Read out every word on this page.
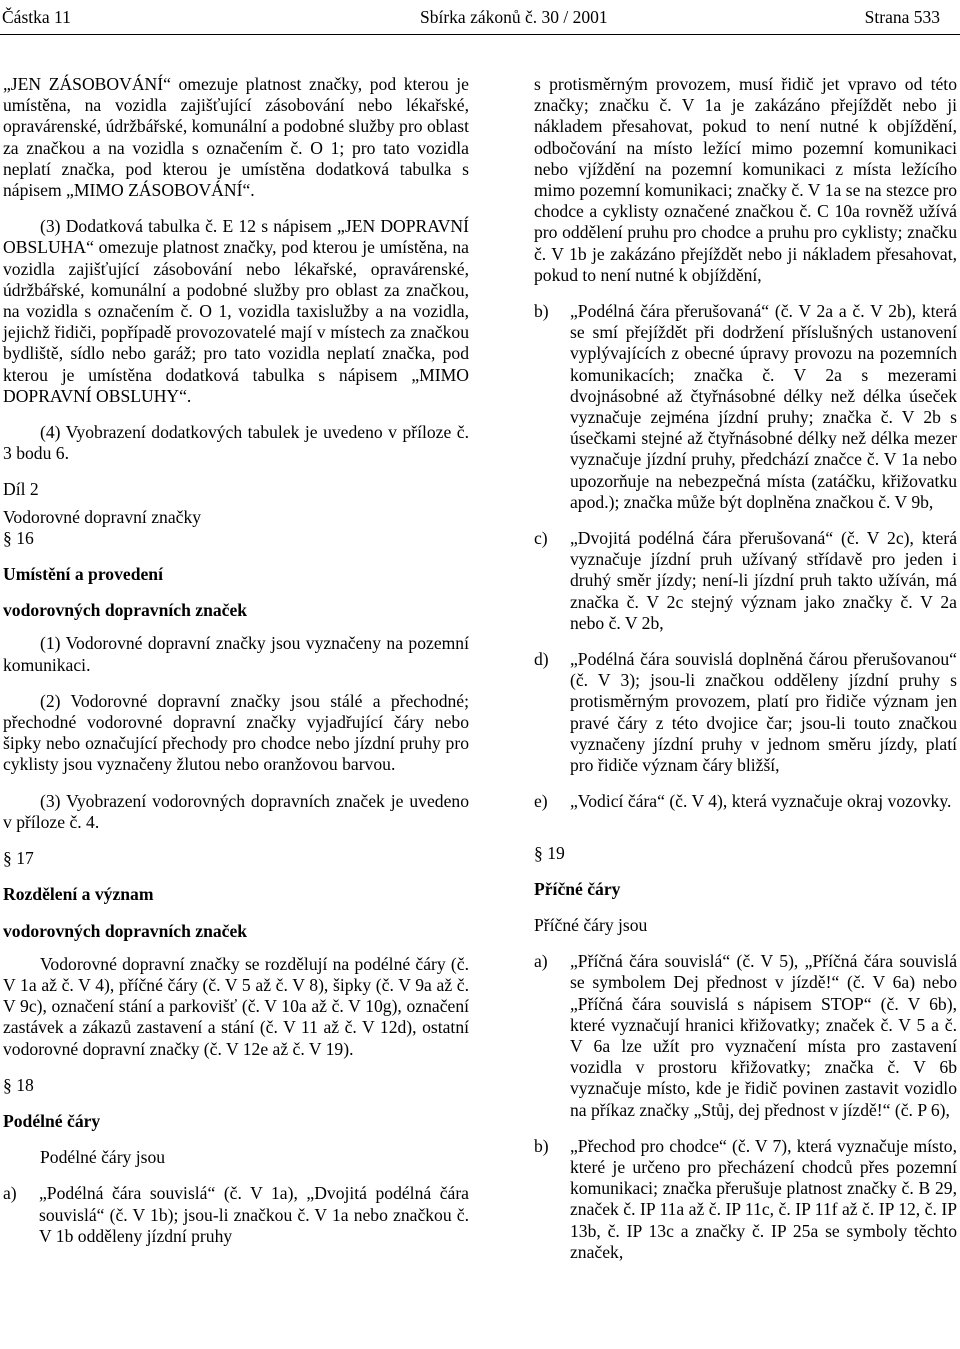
Částka 11	Sbírka zákonů č. 30 / 2001	Strana 533

„JEN ZÁSOBOVÁNÍ“ omezuje platnost značky, pod kterou je umístěna, na vozidla zajišťující zásobování nebo lékařské, opravárenské, údržbářské, komunální a podobné služby pro oblast za značkou a na vozidla s označením č. O 1; pro tato vozidla neplatí značka, pod kterou je umístěna dodatková tabulka s nápisem „MIMO ZÁSOBOVÁNÍ“.

(3) Dodatková tabulka č. E 12 s nápisem „JEN DOPRAVNÍ OBSLUHA“ omezuje platnost značky, pod kterou je umístěna, na vozidla zajišťující zásobování nebo lékařské, opravárenské, údržbářské, komunální a podobné služby pro oblast za značkou, na vozidla s označením č. O 1, vozidla taxislužby a na vozidla, jejichž řidiči, popřípadě provozovatelé mají v místech za značkou bydliště, sídlo nebo garáž; pro tato vozidla neplatí značka, pod kterou je umístěna dodatková tabulka s nápisem „MIMO DOPRAVNÍ OBSLUHY“.

(4) Vyobrazení dodatkových tabulek je uvedeno v příloze č. 3 bodu 6.

Díl 2

Vodorovné dopravní značky

§ 16

Umístění a provedení

vodorovných dopravních značek

(1) Vodorovné dopravní značky jsou vyznačeny na pozemní komunikaci.

(2) Vodorovné dopravní značky jsou stálé a přechodné; přechodné vodorovné dopravní značky vyjadřující čáry nebo šipky nebo označující přechody pro chodce nebo jízdní pruhy pro cyklisty jsou vyznačeny žlutou nebo oranžovou barvou.

(3) Vyobrazení vodorovných dopravních značek je uvedeno v příloze č. 4.

§ 17

Rozdělení a význam

vodorovných dopravních značek

Vodorovné dopravní značky se rozdělují na podélné čáry (č. V 1a až č. V 4), příčné čáry (č. V 5 až č. V 8), šipky (č. V 9a až č. V 9c), označení stání a parkovišť (č. V 10a až č. V 10g), označení zastávek a zákazů zastavení a stání (č. V 11 až č. V 12d), ostatní vodorovné dopravní značky (č. V 12e až č. V 19).

§ 18

Podélné čáry

Podélné čáry jsou

a) „Podélná čára souvislá“ (č. V 1a), „Dvojitá podélná čára souvislá“ (č. V 1b); jsou-li značkou č. V 1a nebo značkou č. V 1b odděleny jízdní pruhy

s protisměrným provozem, musí řidič jet vpravo od této značky; značku č. V 1a je zakázáno přejíždět nebo ji nákladem přesahovat, pokud to není nutné k objíždění, odbočování na místo ležící mimo pozemní komunikaci nebo vjíždění na pozemní komunikaci z místa ležícího mimo pozemní komunikaci; značky č. V 1a se na stezce pro chodce a cyklisty označené značkou č. C 10a rovněž užívá pro oddělení pruhu pro chodce a pruhu pro cyklisty; značku č. V 1b je zakázáno přejíždět nebo ji nákladem přesahovat, pokud to není nutné k objíždění,

b) „Podélná čára přerušovaná“ (č. V 2a a č. V 2b), která se smí přejíždět při dodržení příslušných ustanovení vyplývajících z obecné úpravy provozu na pozemních komunikacích; značka č. V 2a s mezerami dvojnásobné až čtyřnásobné délky než délka úseček vyznačuje zejména jízdní pruhy; značka č. V 2b s úsečkami stejné až čtyřnásobné délky než délka mezer vyznačuje jízdní pruhy, předchází značce č. V 1a nebo upozorňuje na nebezpečná místa (zatáčku, křižovatku apod.); značka může být doplněna značkou č. V 9b,
c) „Dvojitá podélná čára přerušovaná“ (č. V 2c), která vyznačuje jízdní pruh užívaný střídavě pro jeden i druhý směr jízdy; není-li jízdní pruh takto užíván, má značka č. V 2c stejný význam jako značky č. V 2a nebo č. V 2b,
d) „Podélná čára souvislá doplněná čárou přerušovanou“ (č. V 3); jsou-li značkou odděleny jízdní pruhy s protisměrným provozem, platí pro řidiče význam jen pravé čáry z této dvojice čar; jsou-li touto značkou vyznačeny jízdní pruhy v jednom směru jízdy, platí pro řidiče význam čáry bližší,
e) „Vodicí čára“ (č. V 4), která vyznačuje okraj vozovky.

§ 19

Příčné čáry

Příčné čáry jsou

a) „Příčná čára souvislá“ (č. V 5), „Příčná čára souvislá se symbolem Dej přednost v jízdě!“ (č. V 6a) nebo „Příčná čára souvislá s nápisem STOP“ (č. V 6b), které vyznačují hranici křižovatky; značek č. V 5 a č. V 6a lze užít pro vyznačení místa pro zastavení vozidla v prostoru křižovatky; značka č. V 6b vyznačuje místo, kde je řidič povinen zastavit vozidlo na příkaz značky „Stůj, dej přednost v jízdě!“ (č. P 6),
b) „Přechod pro chodce“ (č. V 7), která vyznačuje místo, které je určeno pro přecházení chodců přes pozemní komunikaci; značka přerušuje platnost značky č. B 29, značek č. IP 11a až č. IP 11c, č. IP 11f až č. IP 12, č. IP 13b, č. IP 13c a značky č. IP 25a se symboly těchto značek,
